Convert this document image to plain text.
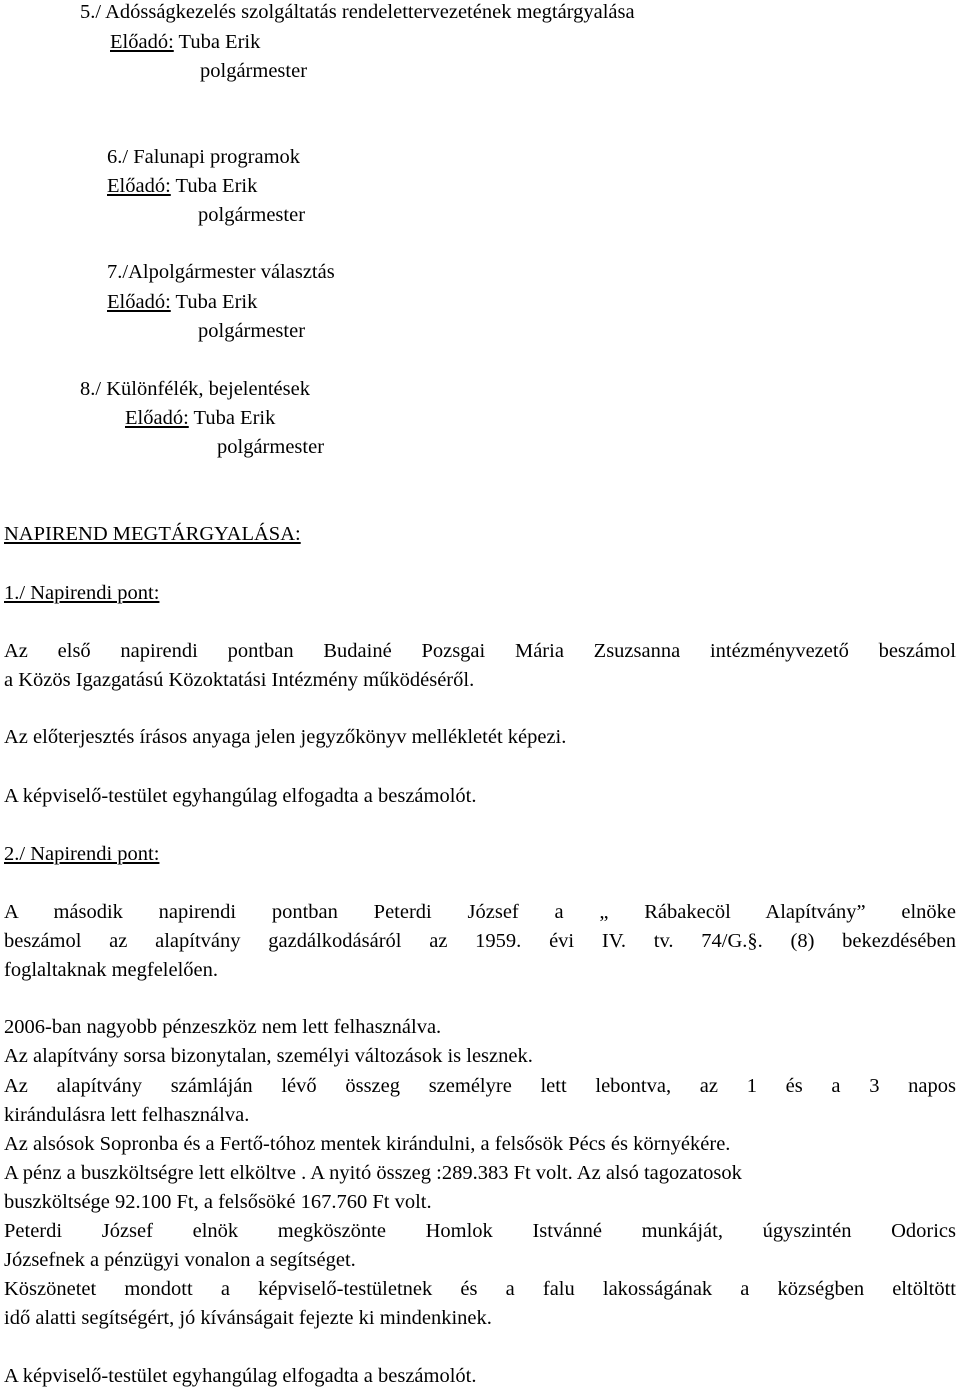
5./ Adósságkezelés szolgáltatás rendelettervezetének megtárgyalása
Előadó: Tuba Erik
polgármester
6./ Falunapi programok
Előadó: Tuba Erik
polgármester
7./Alpolgármester választás
Előadó: Tuba Erik
polgármester
8./ Különfélék, bejelentések
Előadó: Tuba Erik
polgármester
NAPIREND MEGTÁRGYALÁSA:
1./ Napirendi pont:
Az első napirendi pontban Budainé Pozsgai Mária Zsuzsanna intézményvezető beszámol
a Közös Igazgatású Közoktatási Intézmény működéséről.
Az előterjesztés írásos anyaga jelen jegyzőkönyv mellékletét képezi.
A képviselő-testület egyhangúlag elfogadta a beszámolót.
2./ Napirendi pont:
A második napirendi pontban Peterdi József a „ Rábakecöl Alapítvány” elnöke
beszámol az alapítvány gazdálkodásáról az 1959. évi IV. tv. 74/G.§. (8) bekezdésében
foglaltaknak megfelelően.
2006-ban nagyobb pénzeszköz nem lett felhasználva.
Az alapítvány sorsa bizonytalan, személyi változások is lesznek.
Az alapítvány számláján lévő összeg személyre lett lebontva, az 1 és a 3 napos
kirándulásra lett felhasználva.
Az alsósok Sopronba és a Fertő-tóhoz mentek kirándulni, a felsősök Pécs és környékére.
A pénz a buszköltségre lett elköltve . A nyitó összeg :289.383 Ft volt. Az alsó tagozatosok
buszköltsége 92.100 Ft, a felsősöké 167.760 Ft volt.
Peterdi József elnök megköszönte Homlok Istvánné munkáját, úgyszintén Odorics
Józsefnek a pénzügyi vonalon a segítséget.
Köszönetet mondott a képviselő-testületnek és a falu lakosságának a községben eltöltött
idő alatti segítségért, jó kívánságait fejezte ki mindenkinek.
A képviselő-testület egyhangúlag elfogadta a beszámolót.
